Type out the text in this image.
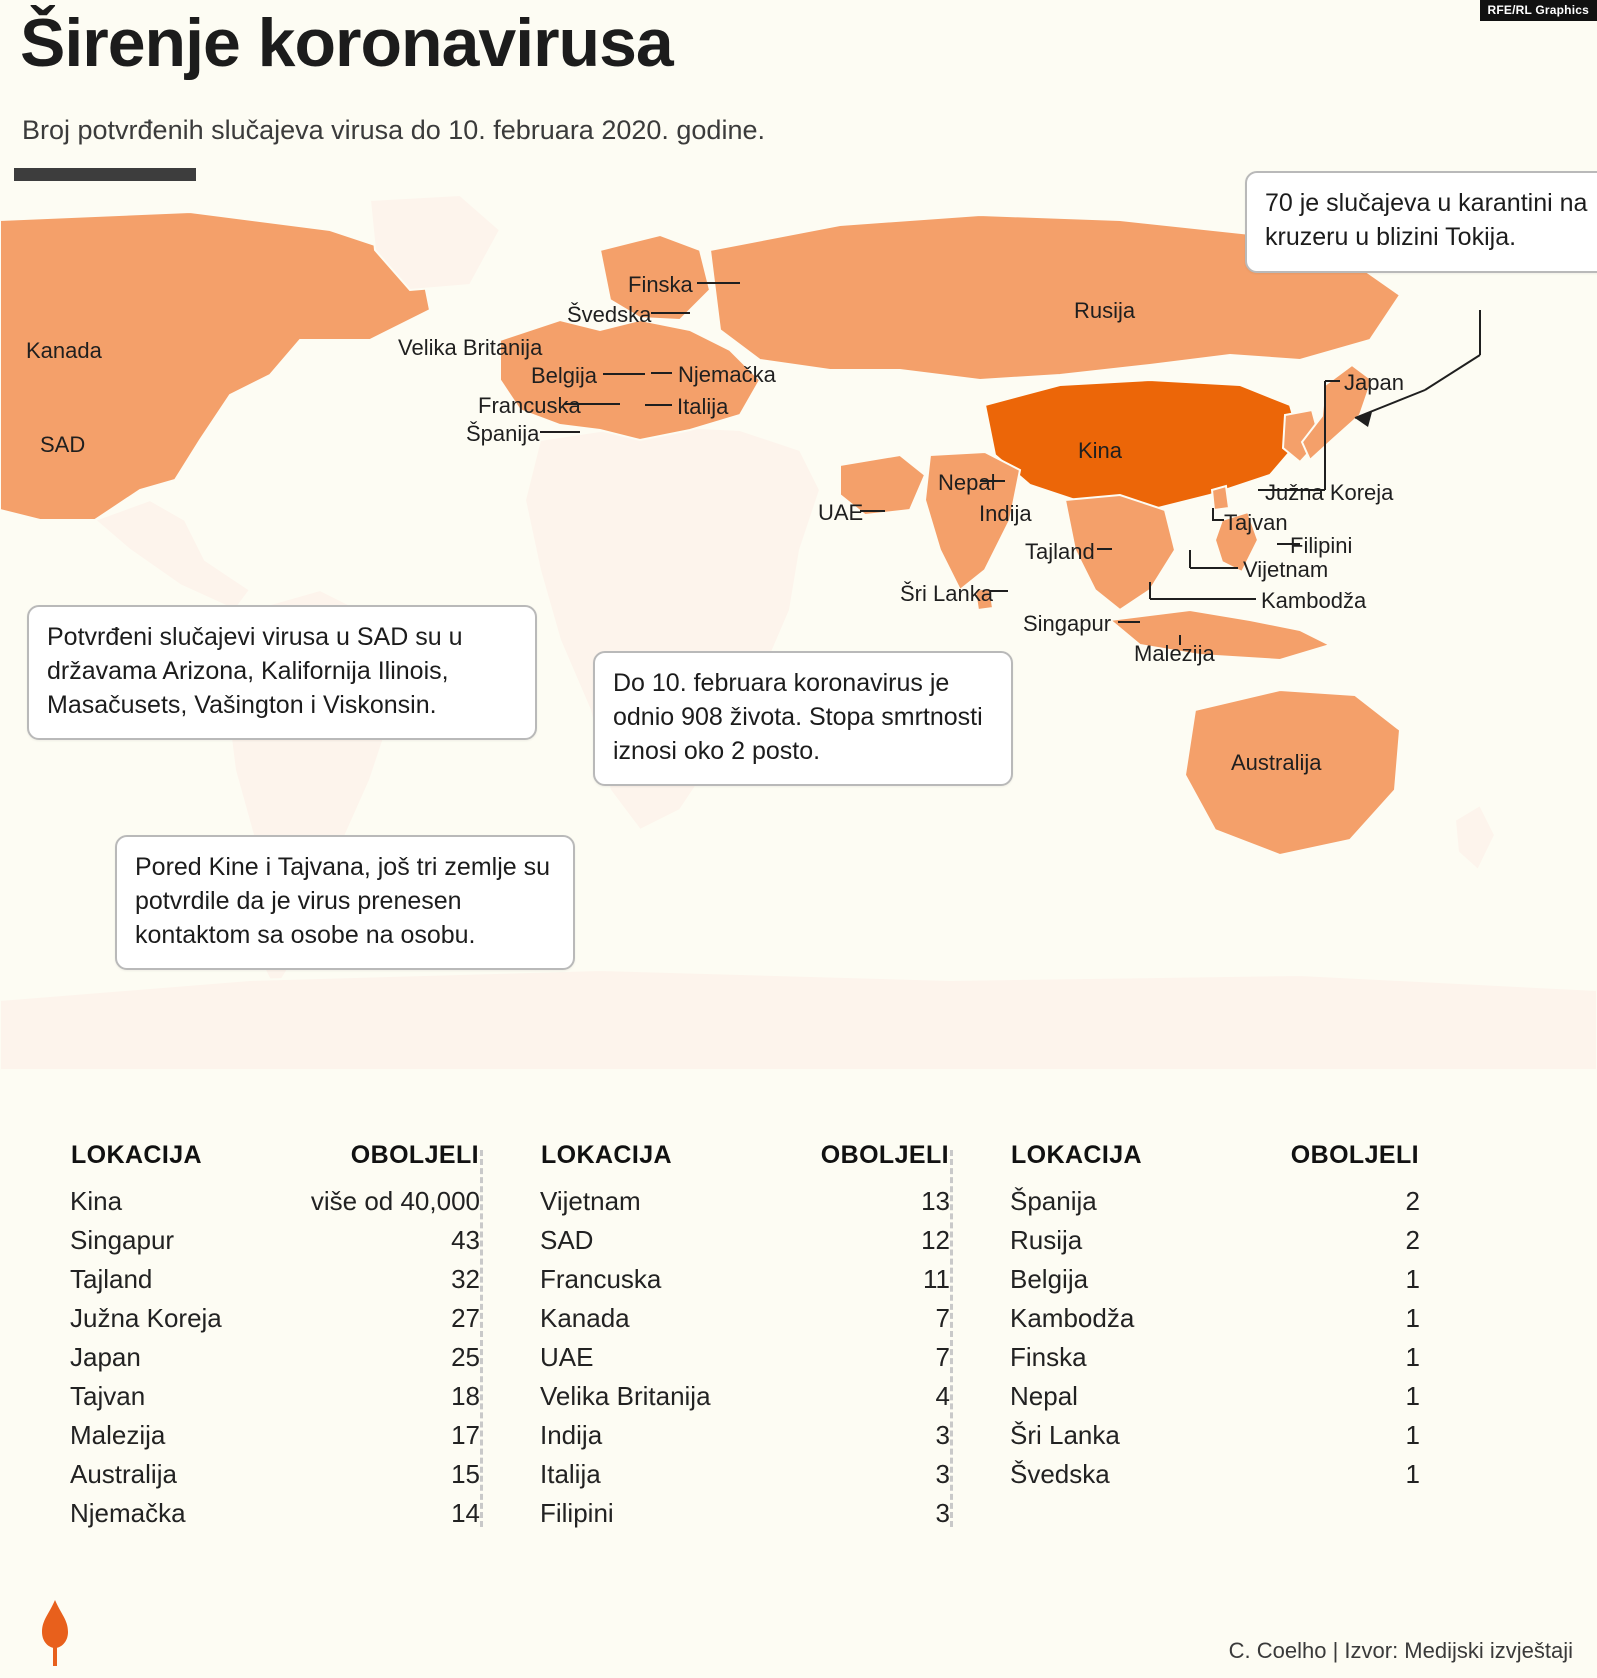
RFE/RL Graphics
Širenje koronavirusa
Broj potvrđenih slučajeva virusa do 10. februara 2020. godine.
Kanada
SAD
Finska
Švedska
Velika Britanija
Belgija	Njemačka
Francuska	Italija
Španija
Rusija
Japan
Kina
Južna Koreja
Nepal
UAE	Indija	Tajvan
Filipini
Tajland
Vijetnam
Šri Lanka	Kambodža
Singapur
Malezija
Australija
70 je slučajeva u karantini na kruzeru u blizini Tokija.
Potvrđeni slučajevi virusa u SAD su u državama Arizona, Kalifornija Ilinois, Masačusets, Vašington i Viskonsin.
Do 10. februara koronavirus je odnio 908 života. Stopa smrtnosti iznosi oko 2 posto.
Pored Kine i Tajvana, još tri zemlje su potvrdile da je virus prenesen kontaktom sa osobe na osobu.
LOKACIJA	OBOLJELI
Kina	više od 40,000
Singapur	43
Tajland	32
Južna Koreja	27
Japan	25
Tajvan	18
Malezija	17
Australija	15
Njemačka	14
LOKACIJA	OBOLJELI
Vijetnam	13
SAD	12
Francuska	11
Kanada	7
UAE	7
Velika Britanija	4
Indija	3
Italija	3
Filipini	3
LOKACIJA	OBOLJELI
Španija	2
Rusija	2
Belgija	1
Kambodža	1
Finska	1
Nepal	1
Šri Lanka	1
Švedska	1
C. Coelho | Izvor: Medijski izvještaji
